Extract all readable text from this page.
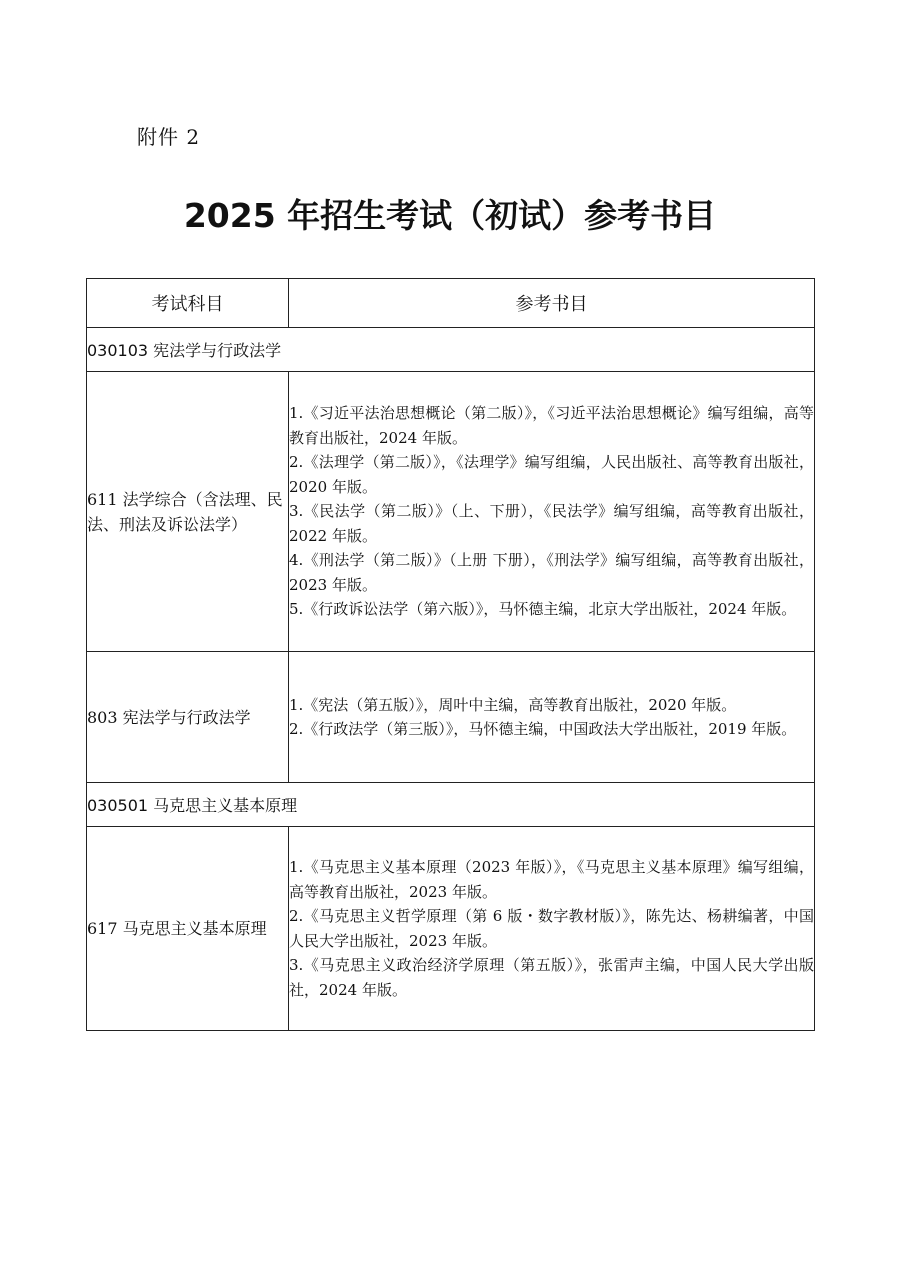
附件 2
2025 年招生考试（初试）参考书目
考试科目	参考书目
030103 宪法学与行政法学	
611 法学综合（含法理、民法、刑法及诉讼法学）	1.《习近平法治思想概论（第二版）》，《习近平法治思想概论》编写组编，高等教育出版社，2024 年版。
2.《法理学（第二版）》，《法理学》编写组编，人民出版社、高等教育出版社，2020 年版。
3.《民法学（第二版）》（上、下册），《民法学》编写组编，高等教育出版社，2022 年版。
4.《刑法学（第二版）》（上册 下册），《刑法学》编写组编，高等教育出版社，2023 年版。
5.《行政诉讼法学（第六版）》，马怀德主编，北京大学出版社，2024 年版。

803 宪法学与行政法学	1.《宪法（第五版）》，周叶中主编，高等教育出版社，2020 年版。
2.《行政法学（第三版）》，马怀德主编，中国政法大学出版社，2019 年版。

030501 马克思主义基本原理	
617 马克思主义基本原理	1.《马克思主义基本原理（2023 年版）》，《马克思主义基本原理》编写组编，高等教育出版社，2023 年版。
2.《马克思主义哲学原理（第 6 版・数字教材版）》，陈先达、杨耕编著，中国人民大学出版社，2023 年版。
3.《马克思主义政治经济学原理（第五版）》，张雷声主编，中国人民大学出版社，2024 年版。
